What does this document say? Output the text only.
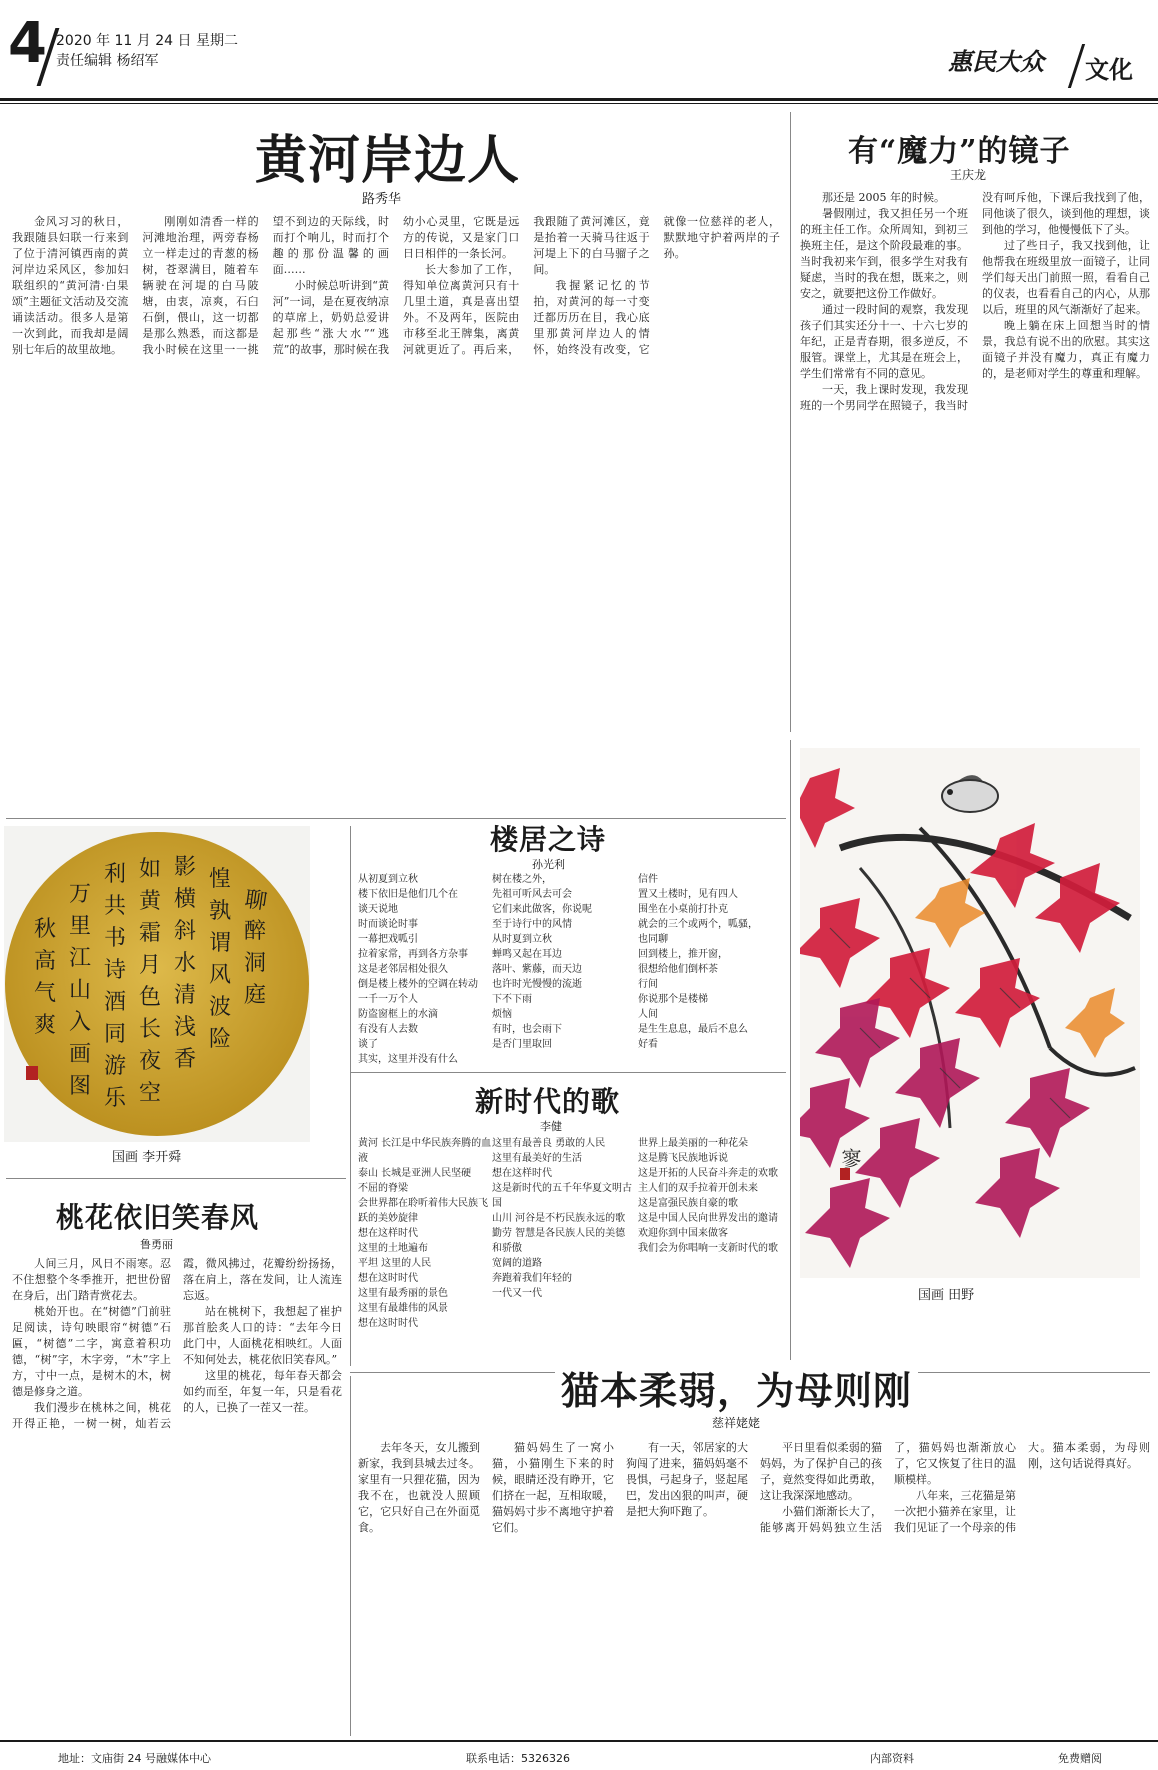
4 2020 年 11 月 24 日 星期二
责任编辑 杨绍军	惠民大众 文化
黄河岸边人
路秀华

金风习习的秋日，我跟随县妇联一行来到了位于清河镇西南的黄河岸边采风区，参加妇联组织的“黄河清·白果颂”主题征文活动及交流诵读活动。很多人是第一次到此，而我却是阔别七年后的故里故地。

刚刚如清香一样的河滩地治理，两旁春杨立一样走过的青葱的杨树，苍翠满目，随着车辆驶在河堤的白马陂塘，由衷，凉爽，石臼石倒，偎山，这一切都是那么熟悉，而这都是我小时候在这里一一挑望不到边的天际线，时而打个响儿，时而打个趣的那份温馨的画面……

小时候总听讲到“黄河”一词，是在夏夜纳凉的草席上，奶奶总爱讲起那些“涨大水”“逃荒”的故事，那时候在我幼小心灵里，它既是远方的传说，又是家门口日日相伴的一条长河。

长大参加了工作，得知单位离黄河只有十几里土道，真是喜出望外。不及两年，医院由市移至北王牌集，离黄河就更近了。再后来，我跟随了黄河滩区，竟是抬着一天骑马往返于河堤上下的白马骝子之间。

我握紧记忆的节拍，对黄河的每一寸变迁都历历在目，我心底里那黄河岸边人的情怀，始终没有改变，它就像一位慈祥的老人，默默地守护着两岸的子孙。

有“魔力”的镜子
王庆龙

那还是 2005 年的时候。

暑假刚过，我又担任另一个班的班主任工作。众所周知，到初三换班主任，是这个阶段最难的事。当时我初来乍到，很多学生对我有疑虑，当时的我在想，既来之，则安之，就要把这份工作做好。

通过一段时间的观察，我发现孩子们其实还分十一、十六七岁的年纪，正是青春期，很多逆反，不服管。课堂上，尤其是在班会上，学生们常常有不同的意见。

一天，我上课时发现，我发现班的一个男同学在照镜子，我当时没有呵斥他，下课后我找到了他，同他谈了很久，谈到他的理想，谈到他的学习，他慢慢低下了头。

过了些日子，我又找到他，让他帮我在班级里放一面镜子，让同学们每天出门前照一照，看看自己的仪表，也看看自己的内心，从那以后，班里的风气渐渐好了起来。

晚上躺在床上回想当时的情景，我总有说不出的欣慰。其实这面镜子并没有魔力，真正有魔力的，是老师对学生的尊重和理解。

聊
醉
洞
庭
惶
孰
谓
风
波
险
影
横
斜
水
清
浅
香
如
黄
霜
月
色
长
夜
空
利
共
书
诗
酒
同
游
乐
万
里
江
山
入
画
图
秋
高
气
爽
国画 李开舜
楼居之诗
孙光利
从初夏到立秋
楼下依旧是他们几个在
谈天说地
时而谈论时事
一幕把戏呱引
拉着家常，再到各方杂事
这是老邻居相处很久
倒是楼上楼外的空调在转动
一千一万个人
防盗窗框上的水滴
有没有人去数
谈了
其实，这里并没有什么
树在楼之外，
先祖可听风去可会
它们来此做客，你说呢
至于诗行中的风情
从时夏到立秋
蝉鸣又起在耳边
落叶、紫藤，而天边
也许时光慢慢的流逝
下不下雨
烦恼
有时，也会雨下
是否门里取回
信件
置又土楼时，见有四人
围坐在小桌前打扑克
就会的三个或两个，呱骚，
也同聊
回到楼上，推开窗，
很想给他们倒杯茶
行间
你说那个是楼梯
人间
是生生息息，最后不息么
好看
新时代的歌
李健
黄河 长江是中华民族奔腾的血液
泰山 长城是亚洲人民坚硬
不屈的脊梁
会世界都在聆听着伟大民族飞跃的美妙旋律
想在这样时代
这里的土地遍布
平坦 这里的人民
想在这时时代
这里有最秀丽的景色
这里有最雄伟的风景
想在这时时代
这里有最善良 勇敢的人民
这里有最美好的生活
想在这样时代
这是新时代的五千年华夏文明古国
山川 河谷是不朽民族永远的歌
勤劳 智慧是各民族人民的美德和骄傲
宽阔的道路
奔跑着我们年轻的
一代又一代
世界上最美丽的一种花朵
这是腾飞民族地诉说
这是开拓的人民奋斗奔走的欢歌
主人们的双手拉着开创未来
这是富强民族自豪的歌
这是中国人民向世界发出的邀请
欢迎你到中国来做客
我们会为你唱响一支新时代的歌
寥
国画 田野
桃花依旧笑春风
鲁勇丽

人间三月，风日不雨寒。忍不住想整个冬季推开，把世份留在身后，出门踏青赏花去。

桃始开也。在“树德”门前驻足阅读，诗句映眼帘“树德”石匾，“树德”二字，寓意着积功德，“树”字，木字旁，“木”字上方，寸中一点，是树木的木，树德是修身之道。

我们漫步在桃林之间，桃花开得正艳，一树一树，灿若云霞，微风拂过，花瓣纷纷扬扬，落在肩上，落在发间，让人流连忘返。

站在桃树下，我想起了崔护那首脍炙人口的诗：“去年今日此门中，人面桃花相映红。人面不知何处去，桃花依旧笑春风。”

这里的桃花，每年春天都会如约而至，年复一年，只是看花的人，已换了一茬又一茬。	猫本柔弱，为母则刚
慈祥姥姥

去年冬天，女儿搬到新家，我到县城去过冬。家里有一只狸花猫，因为我不在，也就没人照顾它，它只好自己在外面觅食。

猫妈妈生了一窝小猫，小猫刚生下来的时候，眼睛还没有睁开，它们挤在一起，互相取暖，猫妈妈寸步不离地守护着它们。

有一天，邻居家的大狗闯了进来，猫妈妈毫不畏惧，弓起身子，竖起尾巴，发出凶狠的叫声，硬是把大狗吓跑了。

平日里看似柔弱的猫妈妈，为了保护自己的孩子，竟然变得如此勇敢，这让我深深地感动。

小猫们渐渐长大了，能够离开妈妈独立生活了，猫妈妈也渐渐放心了，它又恢复了往日的温顺模样。

八年来，三花猫是第一次把小猫养在家里，让我们见证了一个母亲的伟大。猫本柔弱，为母则刚，这句话说得真好。

地址：文庙街 24 号融媒体中心	联系电话：5326326	内部资料	免费赠阅
